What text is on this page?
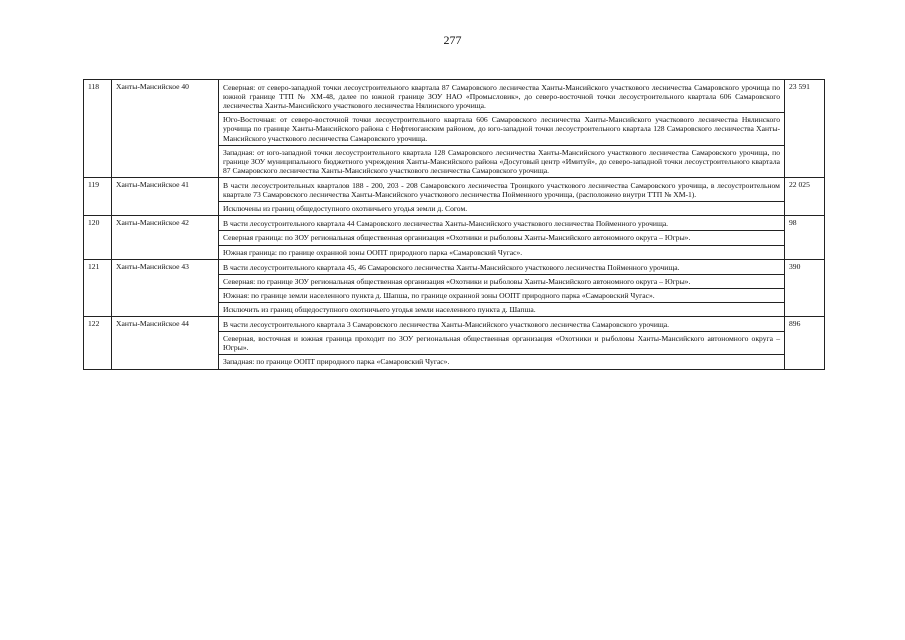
277
118	Ханты-Мансийское 40	Северная: от северо-западной точки лесоустроительного квартала 87 Самаровского лесничества Ханты-Мансийского участкового лесничества Самаровского урочища по южной границе ТТП № ХМ-48, далее по южной границе ЗОУ НАО «Промысловик», до северо-восточной точки лесоустроительного квартала 606 Самаровского лесничества Ханты-Мансийского участкового лесничества Нялинского урочища.	23 591
		Юго-Восточная: от северо-восточной точки лесоустроительного квартала 606 Самаровского лесничества Ханты-Мансийского участкового лесничества Нялинского урочища по границе Ханты-Мансийского района с Нефтеюганским районом, до юго-западной точки лесоустроительного квартала 128 Самаровского лесничества Ханты-Мансийского участкового лесничества Самаровского урочища.	
		Западная: от юго-западной точки лесоустроительного квартала 128 Самаровского лесничества Ханты-Мансийского участкового лесничества Самаровского урочища, по границе ЗОУ муниципального бюджетного учреждения Ханты-Мансийского района «Досуговый центр «Имитуй», до северо-западной точки лесоустроительного квартала 87 Самаровского лесничества Ханты-Мансийского участкового лесничества Самаровского урочища.	
119	Ханты-Мансийское 41	В части лесоустроительных кварталов 188 - 200, 203 - 208 Самаровского лесничества Троицкого участкового лесничества Самаровского урочища, в лесоустроительном квартале 73 Самаровского лесничества Ханты-Мансийского участкового лесничества Пойменного урочища, (расположено внутри ТТП № ХМ-1).	22 025
		Исключены из границ общедоступного охотничьего угодья земли д. Согом.	
120	Ханты-Мансийское 42	В части лесоустроительного квартала 44 Самаровского лесничества Ханты-Мансийского участкового лесничества Пойменного урочища.	98
		Северная граница: по ЗОУ региональная общественная организация «Охотники и рыболовы Ханты-Мансийского автономного округа – Югры».	
		Южная граница: по границе охранной зоны ООПТ природного парка «Самаровский Чугас».	
121	Ханты-Мансийское 43	В части лесоустроительного квартала 45, 46 Самаровского лесничества Ханты-Мансийского участкового лесничества Пойменного урочища.	390
		Северная: по границе ЗОУ региональная общественная организация «Охотники и рыболовы Ханты-Мансийского автономного округа – Югры».	
		Южная: по границе земли населенного пункта д. Шапша, по границе охранной зоны ООПТ природного парка «Самаровский Чугас».	
		Исключить из границ общедоступного охотничьего угодья земли населенного пункта д. Шапша.	
122	Ханты-Мансийское 44	В части лесоустроительного квартала 3 Самаровского лесничества Ханты-Мансийского участкового лесничества Самаровского урочища.	896
		Северная, восточная и южная граница проходит по ЗОУ региональная общественная организация «Охотники и рыболовы Ханты-Мансийского автономного округа – Югры».	
		Западная: по границе ООПТ природного парка «Самаровский Чугас».	
